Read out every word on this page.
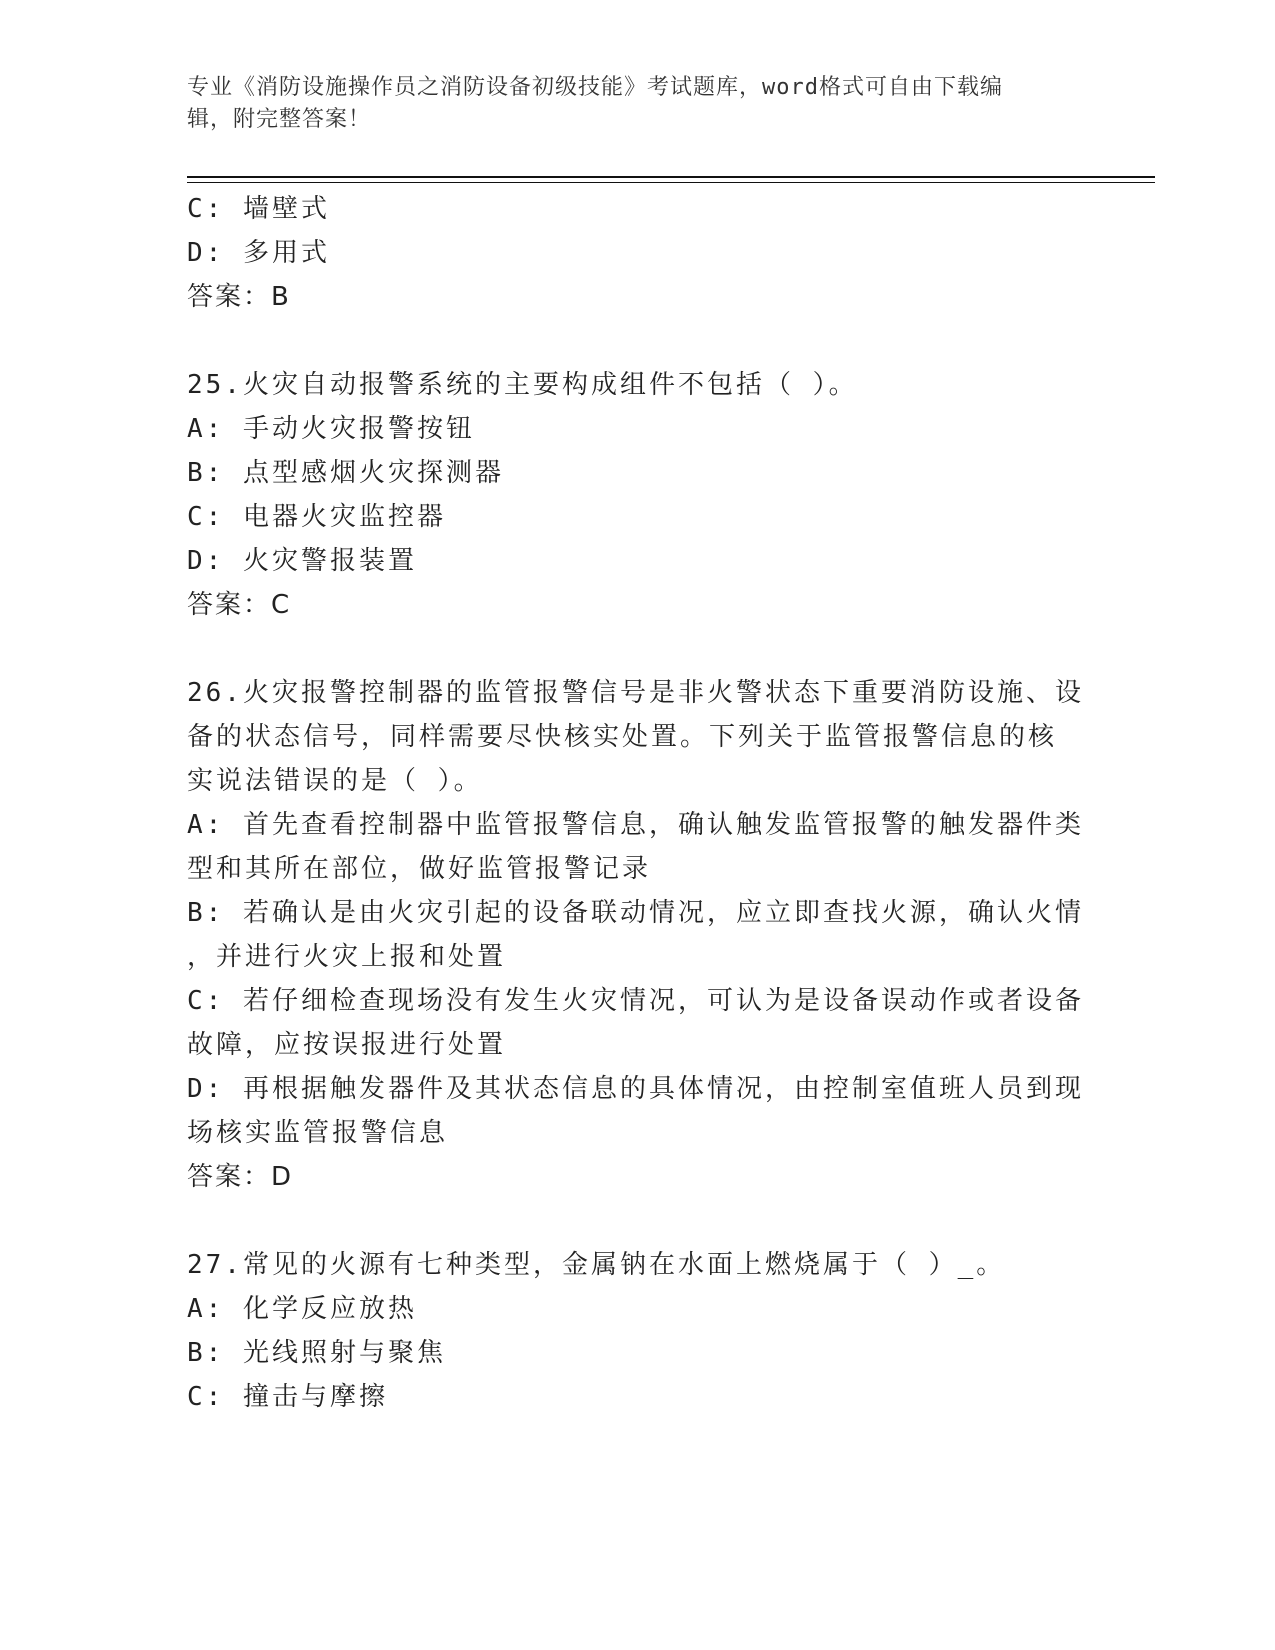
专业《消防设施操作员之消防设备初级技能》考试题库，word格式可自由下载编
辑，附完整答案！
C: 墙壁式
D: 多用式
答案：B
25.火灾自动报警系统的主要构成组件不包括（ ）。
A: 手动火灾报警按钮
B: 点型感烟火灾探测器
C: 电器火灾监控器
D: 火灾警报装置
答案：C
26.火灾报警控制器的监管报警信号是非火警状态下重要消防设施、设
备的状态信号，同样需要尽快核实处置。下列关于监管报警信息的核
实说法错误的是（ ）。
A: 首先查看控制器中监管报警信息，确认触发监管报警的触发器件类
型和其所在部位，做好监管报警记录
B: 若确认是由火灾引起的设备联动情况，应立即查找火源，确认火情
，并进行火灾上报和处置
C: 若仔细检查现场没有发生火灾情况，可认为是设备误动作或者设备
故障，应按误报进行处置
D: 再根据触发器件及其状态信息的具体情况，由控制室值班人员到现
场核实监管报警信息
答案：D
27.常见的火源有七种类型，金属钠在水面上燃烧属于（ ）_。
A: 化学反应放热
B: 光线照射与聚焦
C: 撞击与摩擦
